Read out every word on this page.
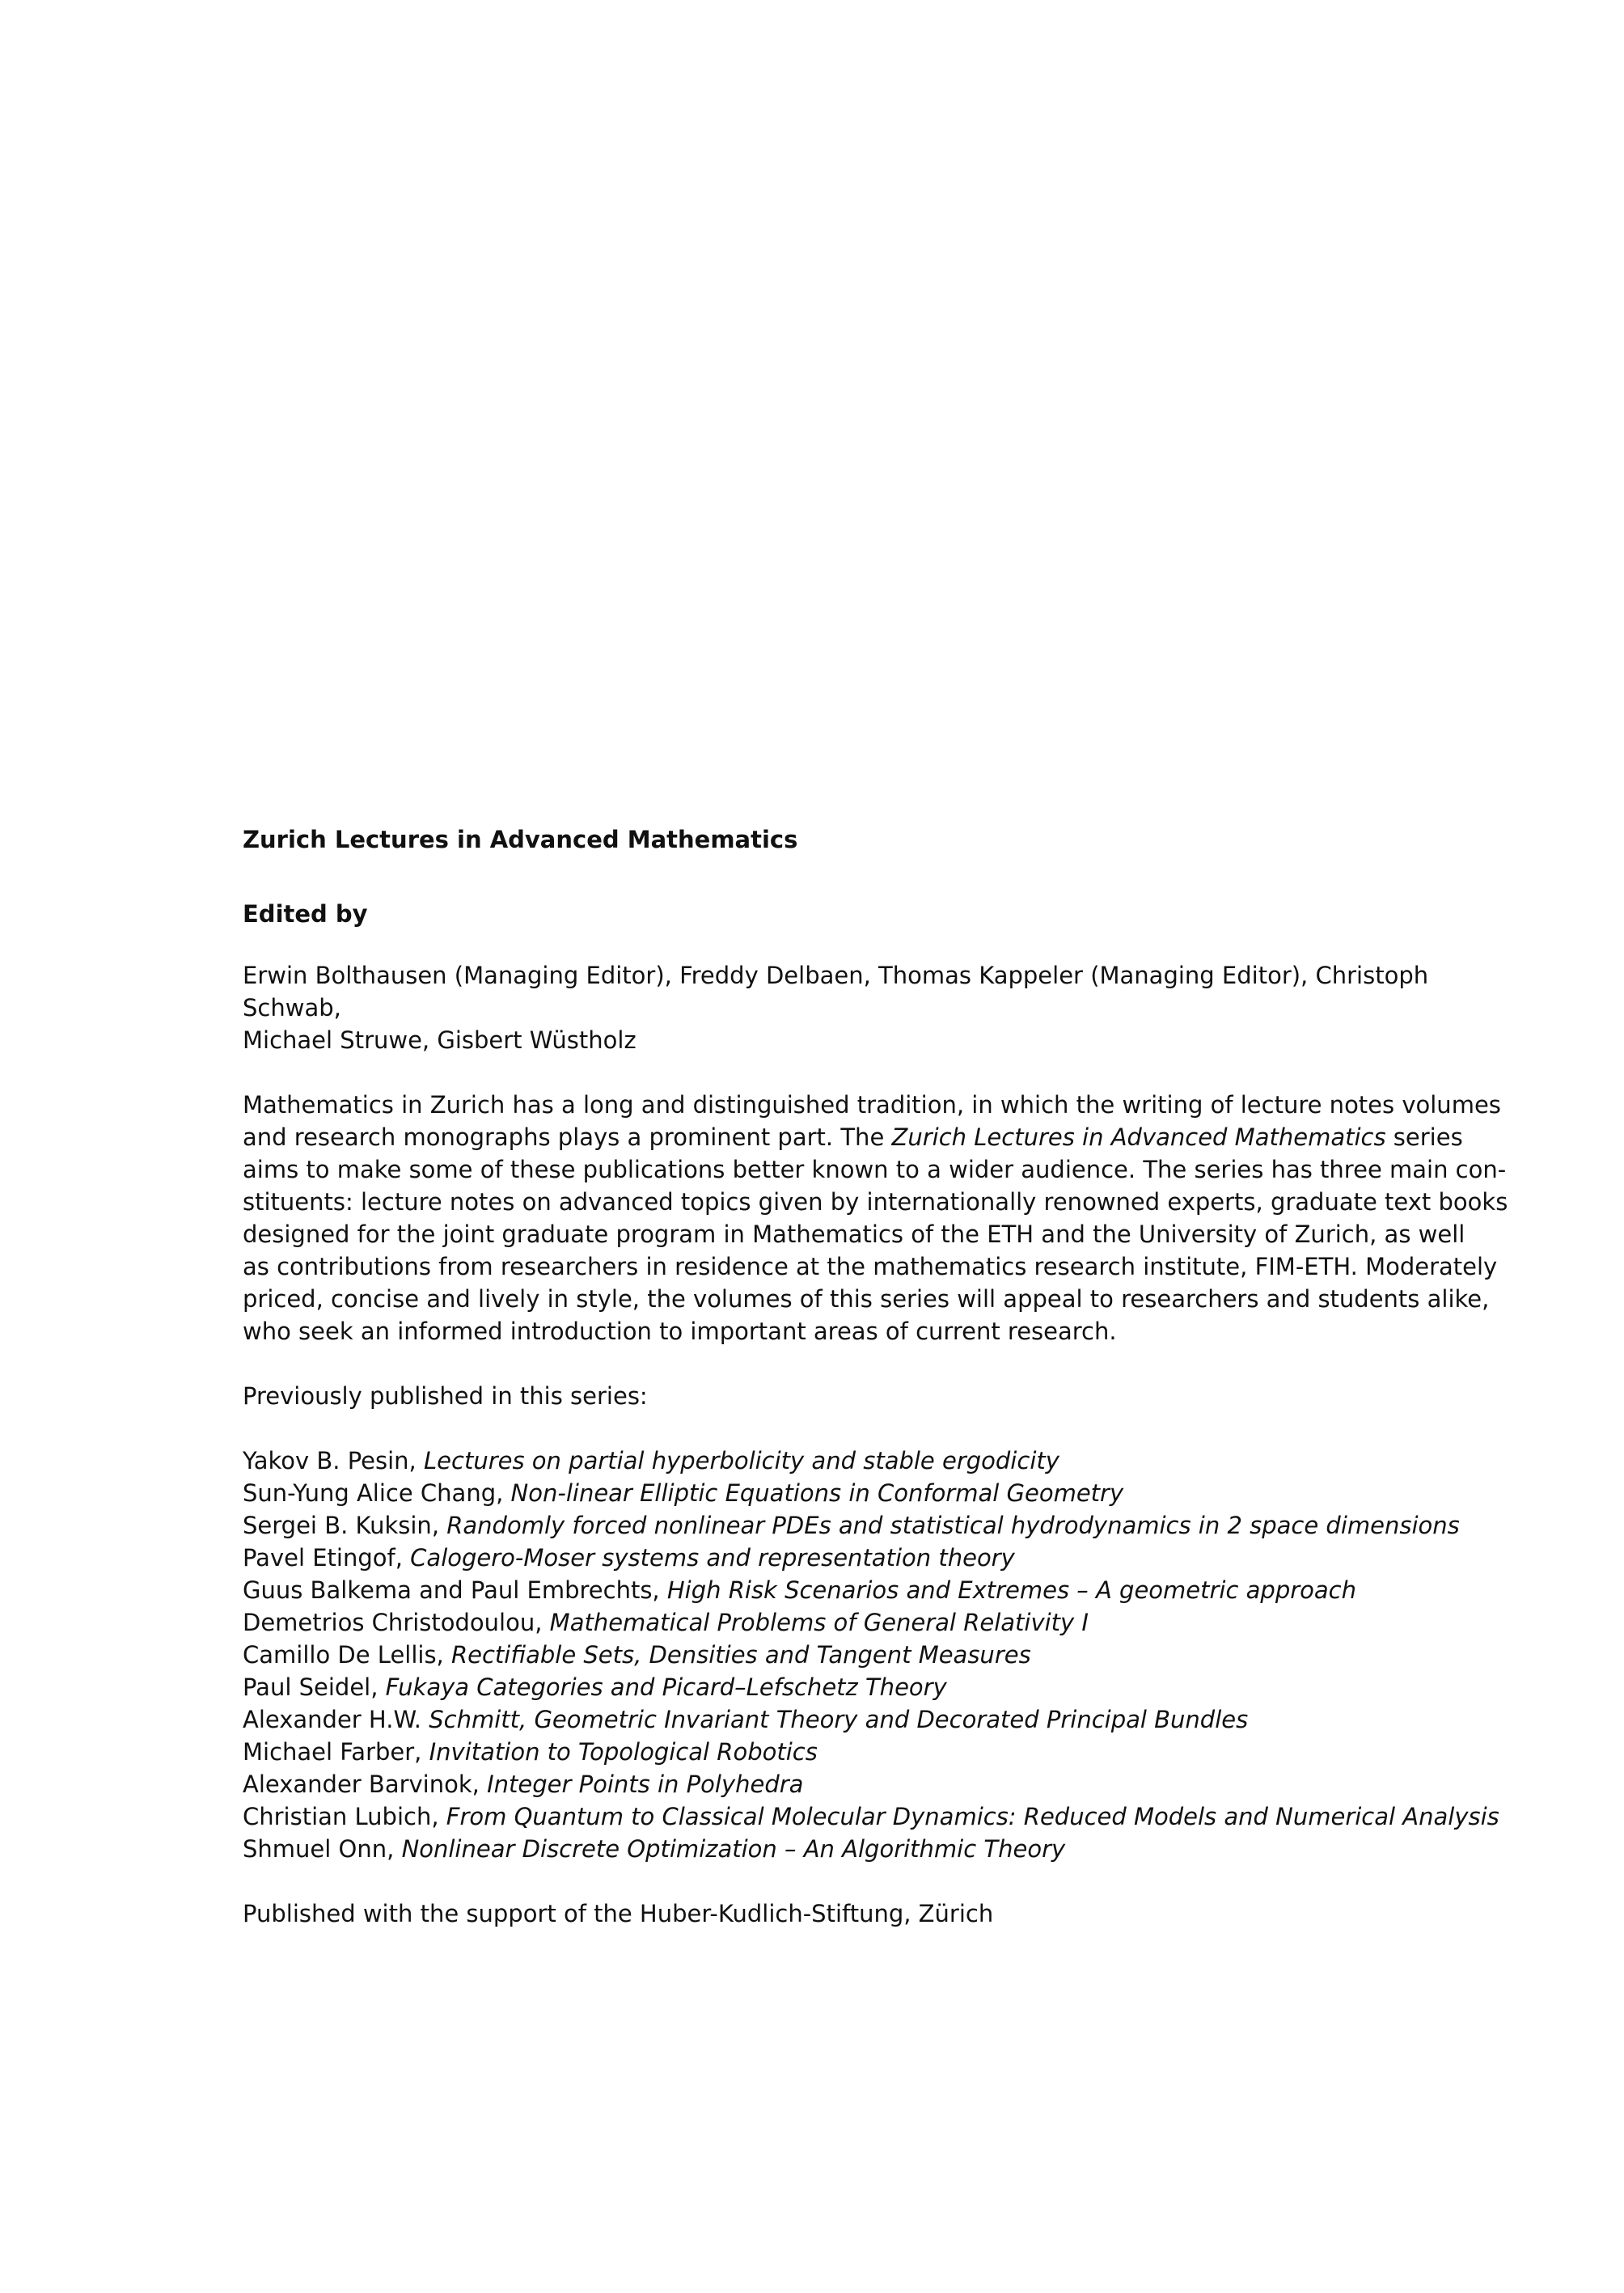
Zurich Lectures in Advanced Mathematics

Edited by

Erwin Bolthausen (Managing Editor), Freddy Delbaen, Thomas Kappeler (Managing Editor), Christoph Schwab,
Michael Struwe, Gisbert Wüstholz

Mathematics in Zurich has a long and distinguished tradition, in which the writing of lecture notes volumes
and research monographs plays a prominent part. The Zurich Lectures in Advanced Mathematics series
aims to make some of these publications better known to a wider audience. The series has three main con-
stituents: lecture notes on advanced topics given by internationally renowned experts, graduate text books
designed for the joint graduate program in Mathematics of the ETH and the University of Zurich, as well
as contributions from researchers in residence at the mathematics research institute, FIM-ETH. Moderately
priced, concise and lively in style, the volumes of this series will appeal to researchers and students alike,
who seek an informed introduction to important areas of current research.

Previously published in this series:

Yakov B. Pesin, Lectures on partial hyperbolicity and stable ergodicity
Sun-Yung Alice Chang, Non-linear Elliptic Equations in Conformal Geometry
Sergei B. Kuksin, Randomly forced nonlinear PDEs and statistical hydrodynamics in 2 space dimensions
Pavel Etingof, Calogero-Moser systems and representation theory
Guus Balkema and Paul Embrechts, High Risk Scenarios and Extremes – A geometric approach
Demetrios Christodoulou, Mathematical Problems of General Relativity I
Camillo De Lellis, Rectifiable Sets, Densities and Tangent Measures
Paul Seidel, Fukaya Categories and Picard–Lefschetz Theory
Alexander H.W. Schmitt, Geometric Invariant Theory and Decorated Principal Bundles
Michael Farber, Invitation to Topological Robotics
Alexander Barvinok, Integer Points in Polyhedra
Christian Lubich, From Quantum to Classical Molecular Dynamics: Reduced Models and Numerical Analysis
Shmuel Onn, Nonlinear Discrete Optimization – An Algorithmic Theory

Published with the support of the Huber-Kudlich-Stiftung, Zürich
